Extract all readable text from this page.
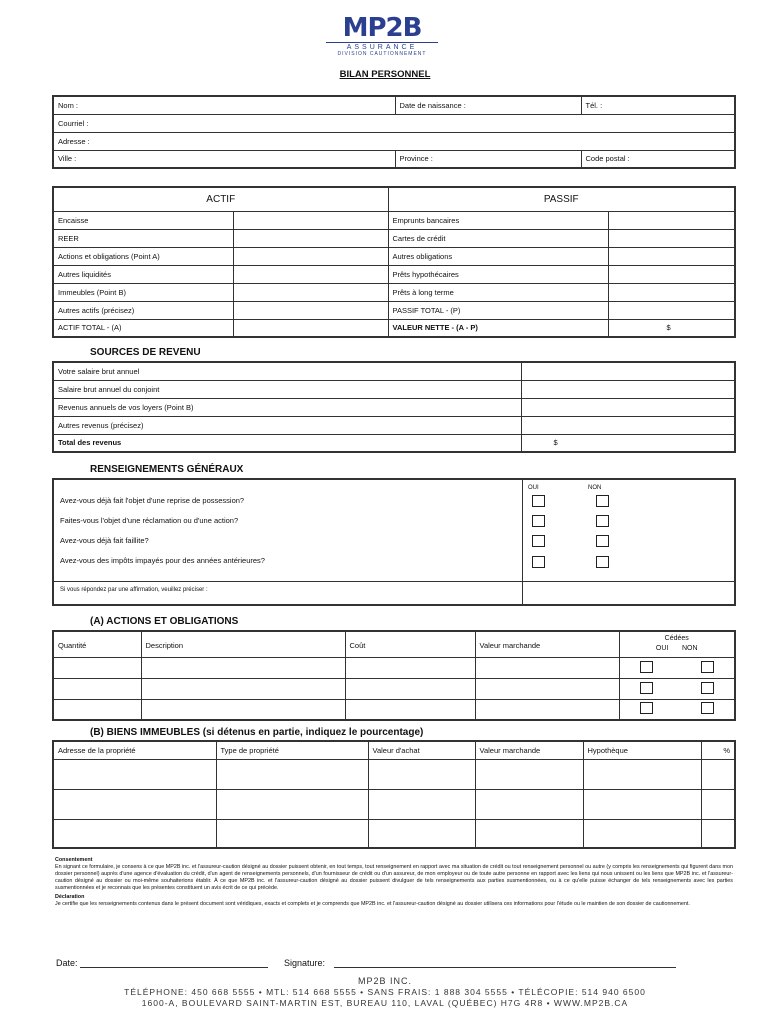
MP2B
ASSURANCE
DIVISION CAUTIONNEMENT
BILAN PERSONNEL
Nom :	Date de naissance :	Tél. :
Courriel :		
Adresse :		
Ville :	Province :	Code postal :
ACTIF		PASSIF	
Encaisse		Emprunts bancaires	
REER		Cartes de crédit	
Actions et obligations (Point A)		Autres obligations	
Autres liquidités		Prêts hypothécaires	
Immeubles (Point B)		Prêts à long terme	
Autres actifs (précisez)		PASSIF TOTAL - (P)	
ACTIF TOTAL - (A)		VALEUR NETTE - (A - P)	$
SOURCES DE REVENU
Votre salaire brut annuel	
Salaire brut annuel du conjoint	
Revenus annuels de vos loyers (Point B)	
Autres revenus (précisez)	
Total des revenus	$
RENSEIGNEMENTS GÉNÉRAUX
OUI	NON
Avez-vous déjà fait l'objet d'une reprise de possession?
Faites-vous l'objet d'une réclamation ou d'une action?
Avez-vous déjà fait faillite?
Avez-vous des impôts impayés pour des années antérieures?
Si vous répondez par une affirmation, veuillez préciser :
(A) ACTIONS ET OBLIGATIONS
Quantité	Description	Coût	Valeur marchande	Cédées
OUI NON

(B) BIENS IMMEUBLES (si détenus en partie, indiquez le pourcentage)
Adresse de la propriété	Type de propriété	Valeur d'achat	Valeur marchande	Hypothèque	%

Consentement
En signant ce formulaire, je consens à ce que MP2B inc. et l'assureur-caution désigné au dossier puissent obtenir, en tout temps, tout renseignement en rapport avec ma situation de crédit ou tout renseignement personnel ou autre (y compris les renseignements qui figurent dans mon dossier personnel) auprès d'une agence d'évaluation du crédit, d'un agent de renseignements personnels, d'un fournisseur de crédit ou d'un assureur, de mon employeur ou de toute autre personne en rapport avec les liens qui nous unissent ou les liens que MP2B inc. et l'assureur-caution désigné au dossier ou moi-même souhaiterions établir. À ce que MP2B inc. et l'assureur-caution désigné au dossier puissent divulguer de tels renseignements aux parties susmentionnées, ou à ce qu'elle puisse échanger de tels renseignements avec les parties susmentionnées et je reconnais que les présentes constituent un avis écrit de ce qui précède.
Déclaration
Je certifie que les renseignements contenus dans le présent document sont véridiques, exacts et complets et je comprends que MP2B inc. et l'assureur-caution désigné au dossier utilisera ces informations pour l'étude ou le maintien de son dossier de cautionnement.
Date:	Signature:
MP2B INC.
TÉLÉPHONE: 450 668 5555 • MTL: 514 668 5555 • SANS FRAIS: 1 888 304 5555 • TÉLÉCOPIE: 514 940 6500
1600-A, BOULEVARD SAINT-MARTIN EST, BUREAU 110, LAVAL (QUÉBEC) H7G 4R8 • WWW.MP2B.CA
